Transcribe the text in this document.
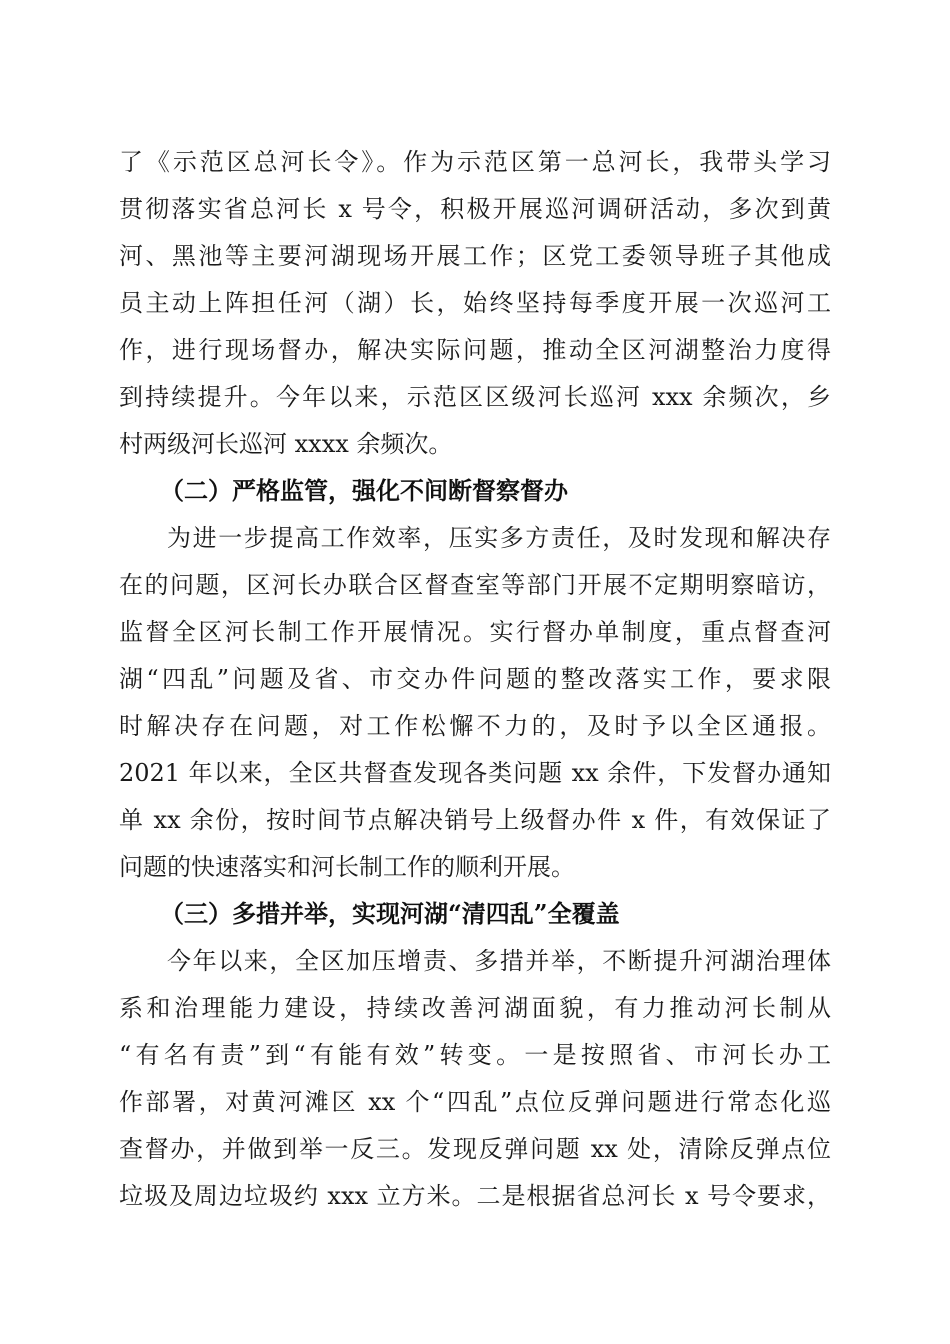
了《示范区总河长令》。作为示范区第一总河长，我带头学习
贯彻落实省总河长 x 号令，积极开展巡河调研活动，多次到黄
河、黑池等主要河湖现场开展工作；区党工委领导班子其他成
员主动上阵担任河（湖）长，始终坚持每季度开展一次巡河工
作，进行现场督办，解决实际问题，推动全区河湖整治力度得
到持续提升。今年以来，示范区区级河长巡河 xxx 余频次，乡
村两级河长巡河 xxxx 余频次。
（二）严格监管，强化不间断督察督办
为进一步提高工作效率，压实多方责任，及时发现和解决存
在的问题，区河长办联合区督查室等部门开展不定期明察暗访，
监督全区河长制工作开展情况。实行督办单制度，重点督查河
湖“四乱”问题及省、市交办件问题的整改落实工作，要求限
时解决存在问题，对工作松懈不力的，及时予以全区通报。
2021 年以来，全区共督查发现各类问题 xx 余件，下发督办通知
单 xx 余份，按时间节点解决销号上级督办件 x 件，有效保证了
问题的快速落实和河长制工作的顺利开展。
（三）多措并举，实现河湖“清四乱”全覆盖
今年以来，全区加压增责、多措并举，不断提升河湖治理体
系和治理能力建设，持续改善河湖面貌，有力推动河长制从
“有名有责”到“有能有效”转变。一是按照省、市河长办工
作部署，对黄河滩区 xx 个“四乱”点位反弹问题进行常态化巡
查督办，并做到举一反三。发现反弹问题 xx 处，清除反弹点位
垃圾及周边垃圾约 xxx 立方米。二是根据省总河长 x 号令要求，
